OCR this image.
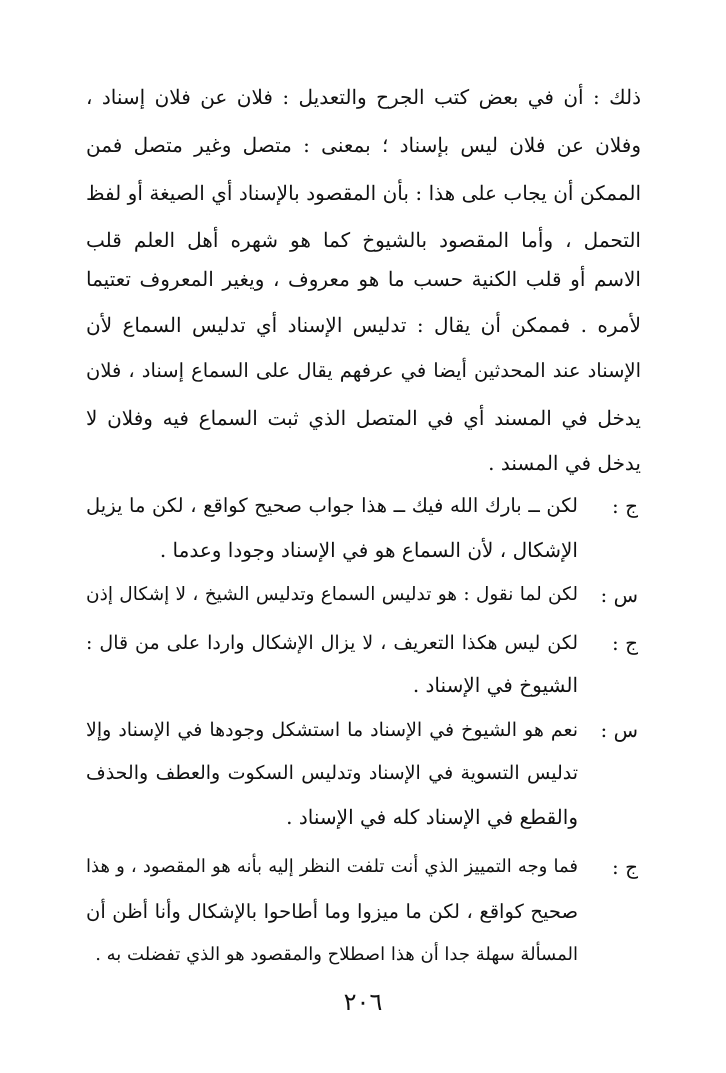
ذلك : أن في بعض كتب الجرح والتعديل : فلان عن فلان إسناد ،
وفلان عن فلان ليس بإسناد ؛ بمعنى : متصل وغير متصل فمن
الممكن أن يجاب على هذا : بأن المقصود بالإسناد أي الصيغة أو لفظ
التحمل ، وأما المقصود بالشيوخ كما هو شهره أهل العلم قلب
الاسم أو قلب الكنية حسب ما هو معروف ، ويغير المعروف تعتيما
لأمره . فممكن أن يقال : تدليس الإسناد أي تدليس السماع لأن
الإسناد عند المحدثين أيضا في عرفهم يقال على السماع إسناد ، فلان
يدخل في المسند أي في المتصل الذي ثبت السماع فيه وفلان لا
يدخل في المسند .
ج :
لكن ــ بارك الله فيك ــ هذا جواب صحيح كواقع ، لكن ما يزيل
الإشكال ، لأن السماع هو في الإسناد وجودا وعدما .
س :
لكن لما نقول : هو تدليس السماع وتدليس الشيخ ، لا إشكال إذن
ج :
لكن ليس هكذا التعريف ، لا يزال الإشكال واردا على من قال :
الشيوخ في الإسناد .
س :
نعم هو الشيوخ في الإسناد ما استشكل وجودها في الإسناد وإلا
تدليس التسوية في الإسناد وتدليس السكوت والعطف والحذف
والقطع في الإسناد كله في الإسناد .
ج :
فما وجه التمييز الذي أنت تلفت النظر إليه بأنه هو المقصود ، و هذا
صحيح كواقع ، لكن ما ميزوا وما أطاحوا بالإشكال وأنا أظن أن
المسألة سهلة جدا أن هذا اصطلاح والمقصود هو الذي تفضلت به .
٢٠٦
